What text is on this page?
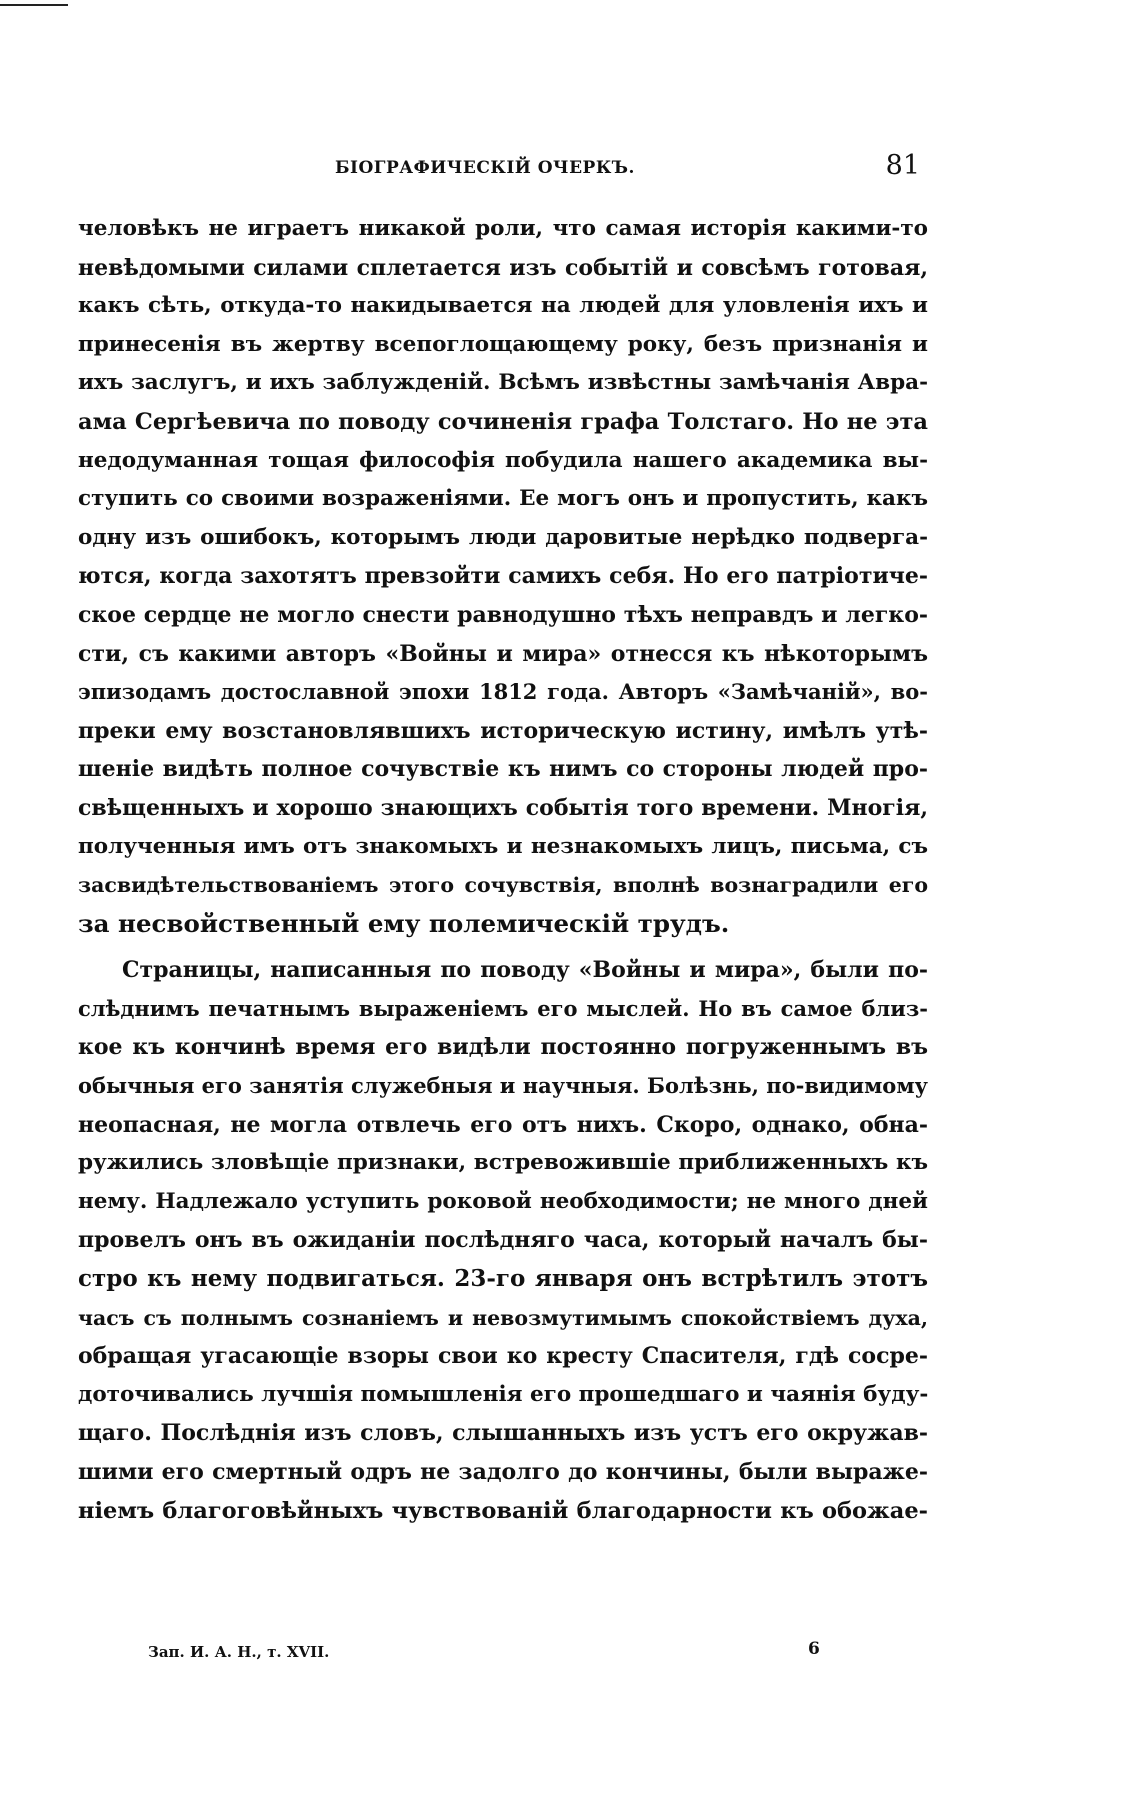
БІОГРАФИЧЕСКІЙ ОЧЕРКЪ.	81
человѣкъ не играетъ никакой роли, что самая исторія какими-то
невѣдомыми силами сплетается изъ событій и совсѣмъ готовая,
какъ сѣть, откуда-то накидывается на людей для уловленія ихъ и
принесенія въ жертву всепоглощающему року, безъ признанія и
ихъ заслугъ, и ихъ заблужденій. Всѣмъ извѣстны замѣчанія Авра-
ама Сергѣевича по поводу сочиненія графа Толстаго. Но не эта
недодуманная тощая философія побудила нашего академика вы-
ступить со своими возраженіями. Ее могъ онъ и пропустить, какъ
одну изъ ошибокъ, которымъ люди даровитые нерѣдко подверга-
ются, когда захотятъ превзойти самихъ себя. Но его патріотиче-
ское сердце не могло снести равнодушно тѣхъ неправдъ и легко-
сти, съ какими авторъ «Войны и мира» отнесся къ нѣкоторымъ
эпизодамъ достославной эпохи 1812 года. Авторъ «Замѣчаній», во-
преки ему возстановлявшихъ историческую истину, имѣлъ утѣ-
шеніе видѣть полное сочувствіе къ нимъ со стороны людей про-
свѣщенныхъ и хорошо знающихъ событія того времени. Многія,
полученныя имъ отъ знакомыхъ и незнакомыхъ лицъ, письма, съ
засвидѣтельствованіемъ этого сочувствія, вполнѣ вознаградили его
за несвойственный ему полемическій трудъ.
Страницы, написанныя по поводу «Войны и мира», были по-
слѣднимъ печатнымъ выраженіемъ его мыслей. Но въ самое близ-
кое къ кончинѣ время его видѣли постоянно погруженнымъ въ
обычныя его занятія служебныя и научныя. Болѣзнь, по-видимому
неопасная, не могла отвлечь его отъ нихъ. Скоро, однако, обна-
ружились зловѣщіе признаки, встревожившіе приближенныхъ къ
нему. Надлежало уступить роковой необходимости; не много дней
провелъ онъ въ ожиданіи послѣдняго часа, который началъ бы-
стро къ нему подвигаться. 23-го января онъ встрѣтилъ этотъ
часъ съ полнымъ сознаніемъ и невозмутимымъ спокойствіемъ духа,
обращая угасающіе взоры свои ко кресту Спасителя, гдѣ сосре-
доточивались лучшія помышленія его прошедшаго и чаянія буду-
щаго. Послѣднія изъ словъ, слышанныхъ изъ устъ его окружав-
шими его смертный одръ не задолго до кончины, были выраже-
ніемъ благоговѣйныхъ чувствованій благодарности къ обожае-
Зап. И. А. Н., т. XVII.	6
